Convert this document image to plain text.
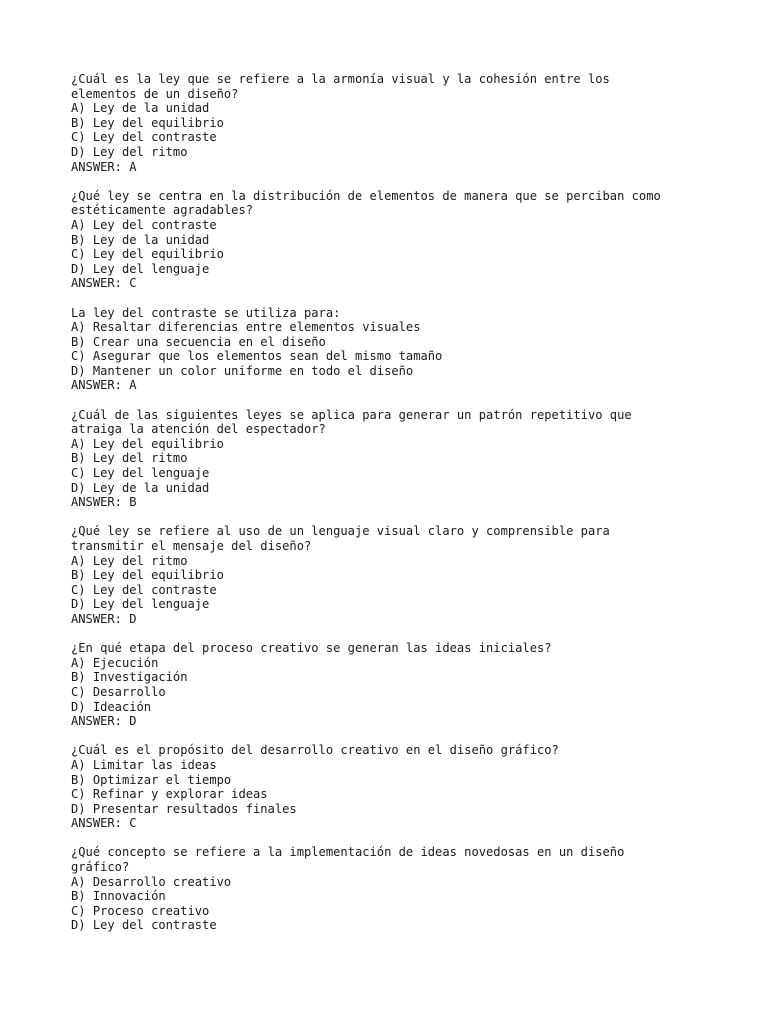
¿Cuál es la ley que se refiere a la armonía visual y la cohesión entre los
elementos de un diseño?

A) Ley de la unidad

B) Ley del equilibrio

C) Ley del contraste

D) Ley del ritmo

ANSWER: A

¿Qué ley se centra en la distribución de elementos de manera que se perciban como
estéticamente agradables?

A) Ley del contraste

B) Ley de la unidad

C) Ley del equilibrio

D) Ley del lenguaje

ANSWER: C

La ley del contraste se utiliza para:

A) Resaltar diferencias entre elementos visuales

B) Crear una secuencia en el diseño

C) Asegurar que los elementos sean del mismo tamaño

D) Mantener un color uniforme en todo el diseño

ANSWER: A

¿Cuál de las siguientes leyes se aplica para generar un patrón repetitivo que
atraiga la atención del espectador?

A) Ley del equilibrio

B) Ley del ritmo

C) Ley del lenguaje

D) Ley de la unidad

ANSWER: B

¿Qué ley se refiere al uso de un lenguaje visual claro y comprensible para
transmitir el mensaje del diseño?

A) Ley del ritmo

B) Ley del equilibrio

C) Ley del contraste

D) Ley del lenguaje

ANSWER: D

¿En qué etapa del proceso creativo se generan las ideas iniciales?

A) Ejecución

B) Investigación

C) Desarrollo

D) Ideación

ANSWER: D

¿Cuál es el propósito del desarrollo creativo en el diseño gráfico?

A) Limitar las ideas

B) Optimizar el tiempo

C) Refinar y explorar ideas

D) Presentar resultados finales

ANSWER: C

¿Qué concepto se refiere a la implementación de ideas novedosas en un diseño
gráfico?

A) Desarrollo creativo

B) Innovación

C) Proceso creativo

D) Ley del contraste
